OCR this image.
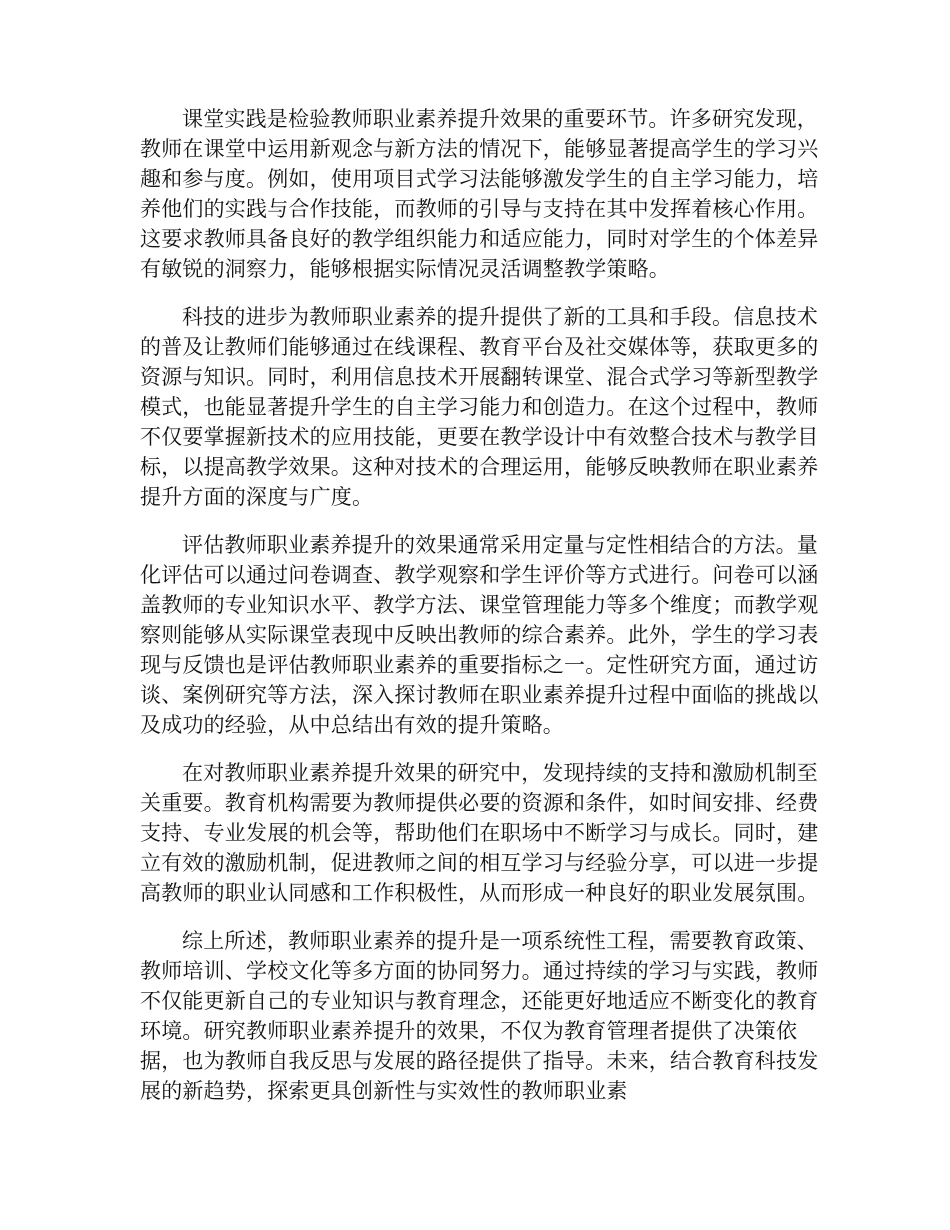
课堂实践是检验教师职业素养提升效果的重要环节。许多研究发现，教师在课堂中运用新观念与新方法的情况下，能够显著提高学生的学习兴趣和参与度。例如，使用项目式学习法能够激发学生的自主学习能力，培养他们的实践与合作技能，而教师的引导与支持在其中发挥着核心作用。这要求教师具备良好的教学组织能力和适应能力，同时对学生的个体差异有敏锐的洞察力，能够根据实际情况灵活调整教学策略。

科技的进步为教师职业素养的提升提供了新的工具和手段。信息技术的普及让教师们能够通过在线课程、教育平台及社交媒体等，获取更多的资源与知识。同时，利用信息技术开展翻转课堂、混合式学习等新型教学模式，也能显著提升学生的自主学习能力和创造力。在这个过程中，教师不仅要掌握新技术的应用技能，更要在教学设计中有效整合技术与教学目标，以提高教学效果。这种对技术的合理运用，能够反映教师在职业素养提升方面的深度与广度。

评估教师职业素养提升的效果通常采用定量与定性相结合的方法。量化评估可以通过问卷调查、教学观察和学生评价等方式进行。问卷可以涵盖教师的专业知识水平、教学方法、课堂管理能力等多个维度；而教学观察则能够从实际课堂表现中反映出教师的综合素养。此外，学生的学习表现与反馈也是评估教师职业素养的重要指标之一。定性研究方面，通过访谈、案例研究等方法，深入探讨教师在职业素养提升过程中面临的挑战以及成功的经验，从中总结出有效的提升策略。

在对教师职业素养提升效果的研究中，发现持续的支持和激励机制至关重要。教育机构需要为教师提供必要的资源和条件，如时间安排、经费支持、专业发展的机会等，帮助他们在职场中不断学习与成长。同时，建立有效的激励机制，促进教师之间的相互学习与经验分享，可以进一步提高教师的职业认同感和工作积极性，从而形成一种良好的职业发展氛围。

综上所述，教师职业素养的提升是一项系统性工程，需要教育政策、教师培训、学校文化等多方面的协同努力。通过持续的学习与实践，教师不仅能更新自己的专业知识与教育理念，还能更好地适应不断变化的教育环境。研究教师职业素养提升的效果，不仅为教育管理者提供了决策依据，也为教师自我反思与发展的路径提供了指导。未来，结合教育科技发展的新趋势，探索更具创新性与实效性的教师职业素
